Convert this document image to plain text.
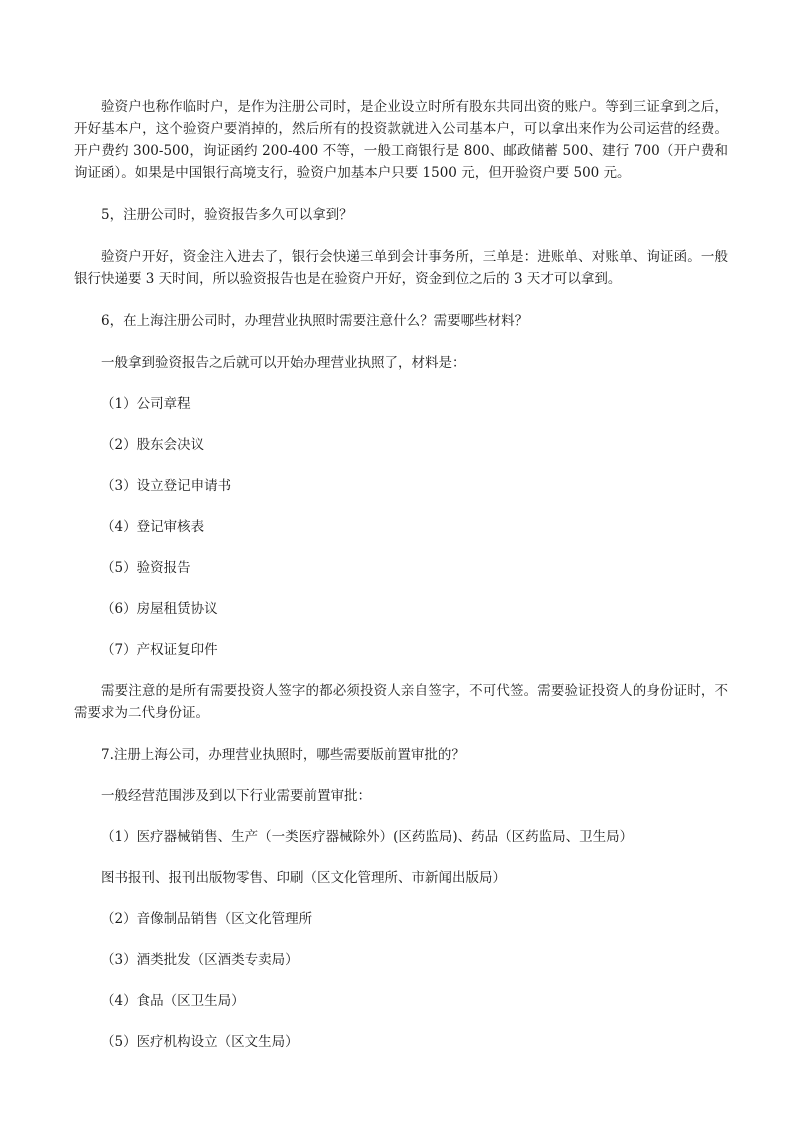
验资户也称作临时户，是作为注册公司时，是企业设立时所有股东共同出资的账户。等到三证拿到之后，开好基本户，这个验资户要消掉的，然后所有的投资款就进入公司基本户，可以拿出来作为公司运营的经费。开户费约 300-500，询证函约 200-400 不等，一般工商银行是 800、邮政储蓄 500、建行 700（开户费和询证函）。如果是中国银行高境支行，验资户加基本户只要 1500 元，但开验资户要 500 元。

5，注册公司时，验资报告多久可以拿到？

验资户开好，资金注入进去了，银行会快递三单到会计事务所，三单是：进账单、对账单、询证函。一般银行快递要 3 天时间，所以验资报告也是在验资户开好，资金到位之后的 3 天才可以拿到。

6，在上海注册公司时，办理营业执照时需要注意什么？需要哪些材料？

一般拿到验资报告之后就可以开始办理营业执照了，材料是：

（1）公司章程

（2）股东会决议

（3）设立登记申请书

（4）登记审核表

（5）验资报告

（6）房屋租赁协议

（7）产权证复印件

需要注意的是所有需要投资人签字的都必须投资人亲自签字，不可代签。需要验证投资人的身份证时，不需要求为二代身份证。

7.注册上海公司，办理营业执照时，哪些需要版前置审批的？

一般经营范围涉及到以下行业需要前置审批：

（1）医疗器械销售、生产（一类医疗器械除外）(区药监局)、药品（区药监局、卫生局）

图书报刊、报刊出版物零售、印刷（区文化管理所、市新闻出版局）

（2）音像制品销售（区文化管理所

（3）酒类批发（区酒类专卖局）

（4）食品（区卫生局）

（5）医疗机构设立（区文生局）
